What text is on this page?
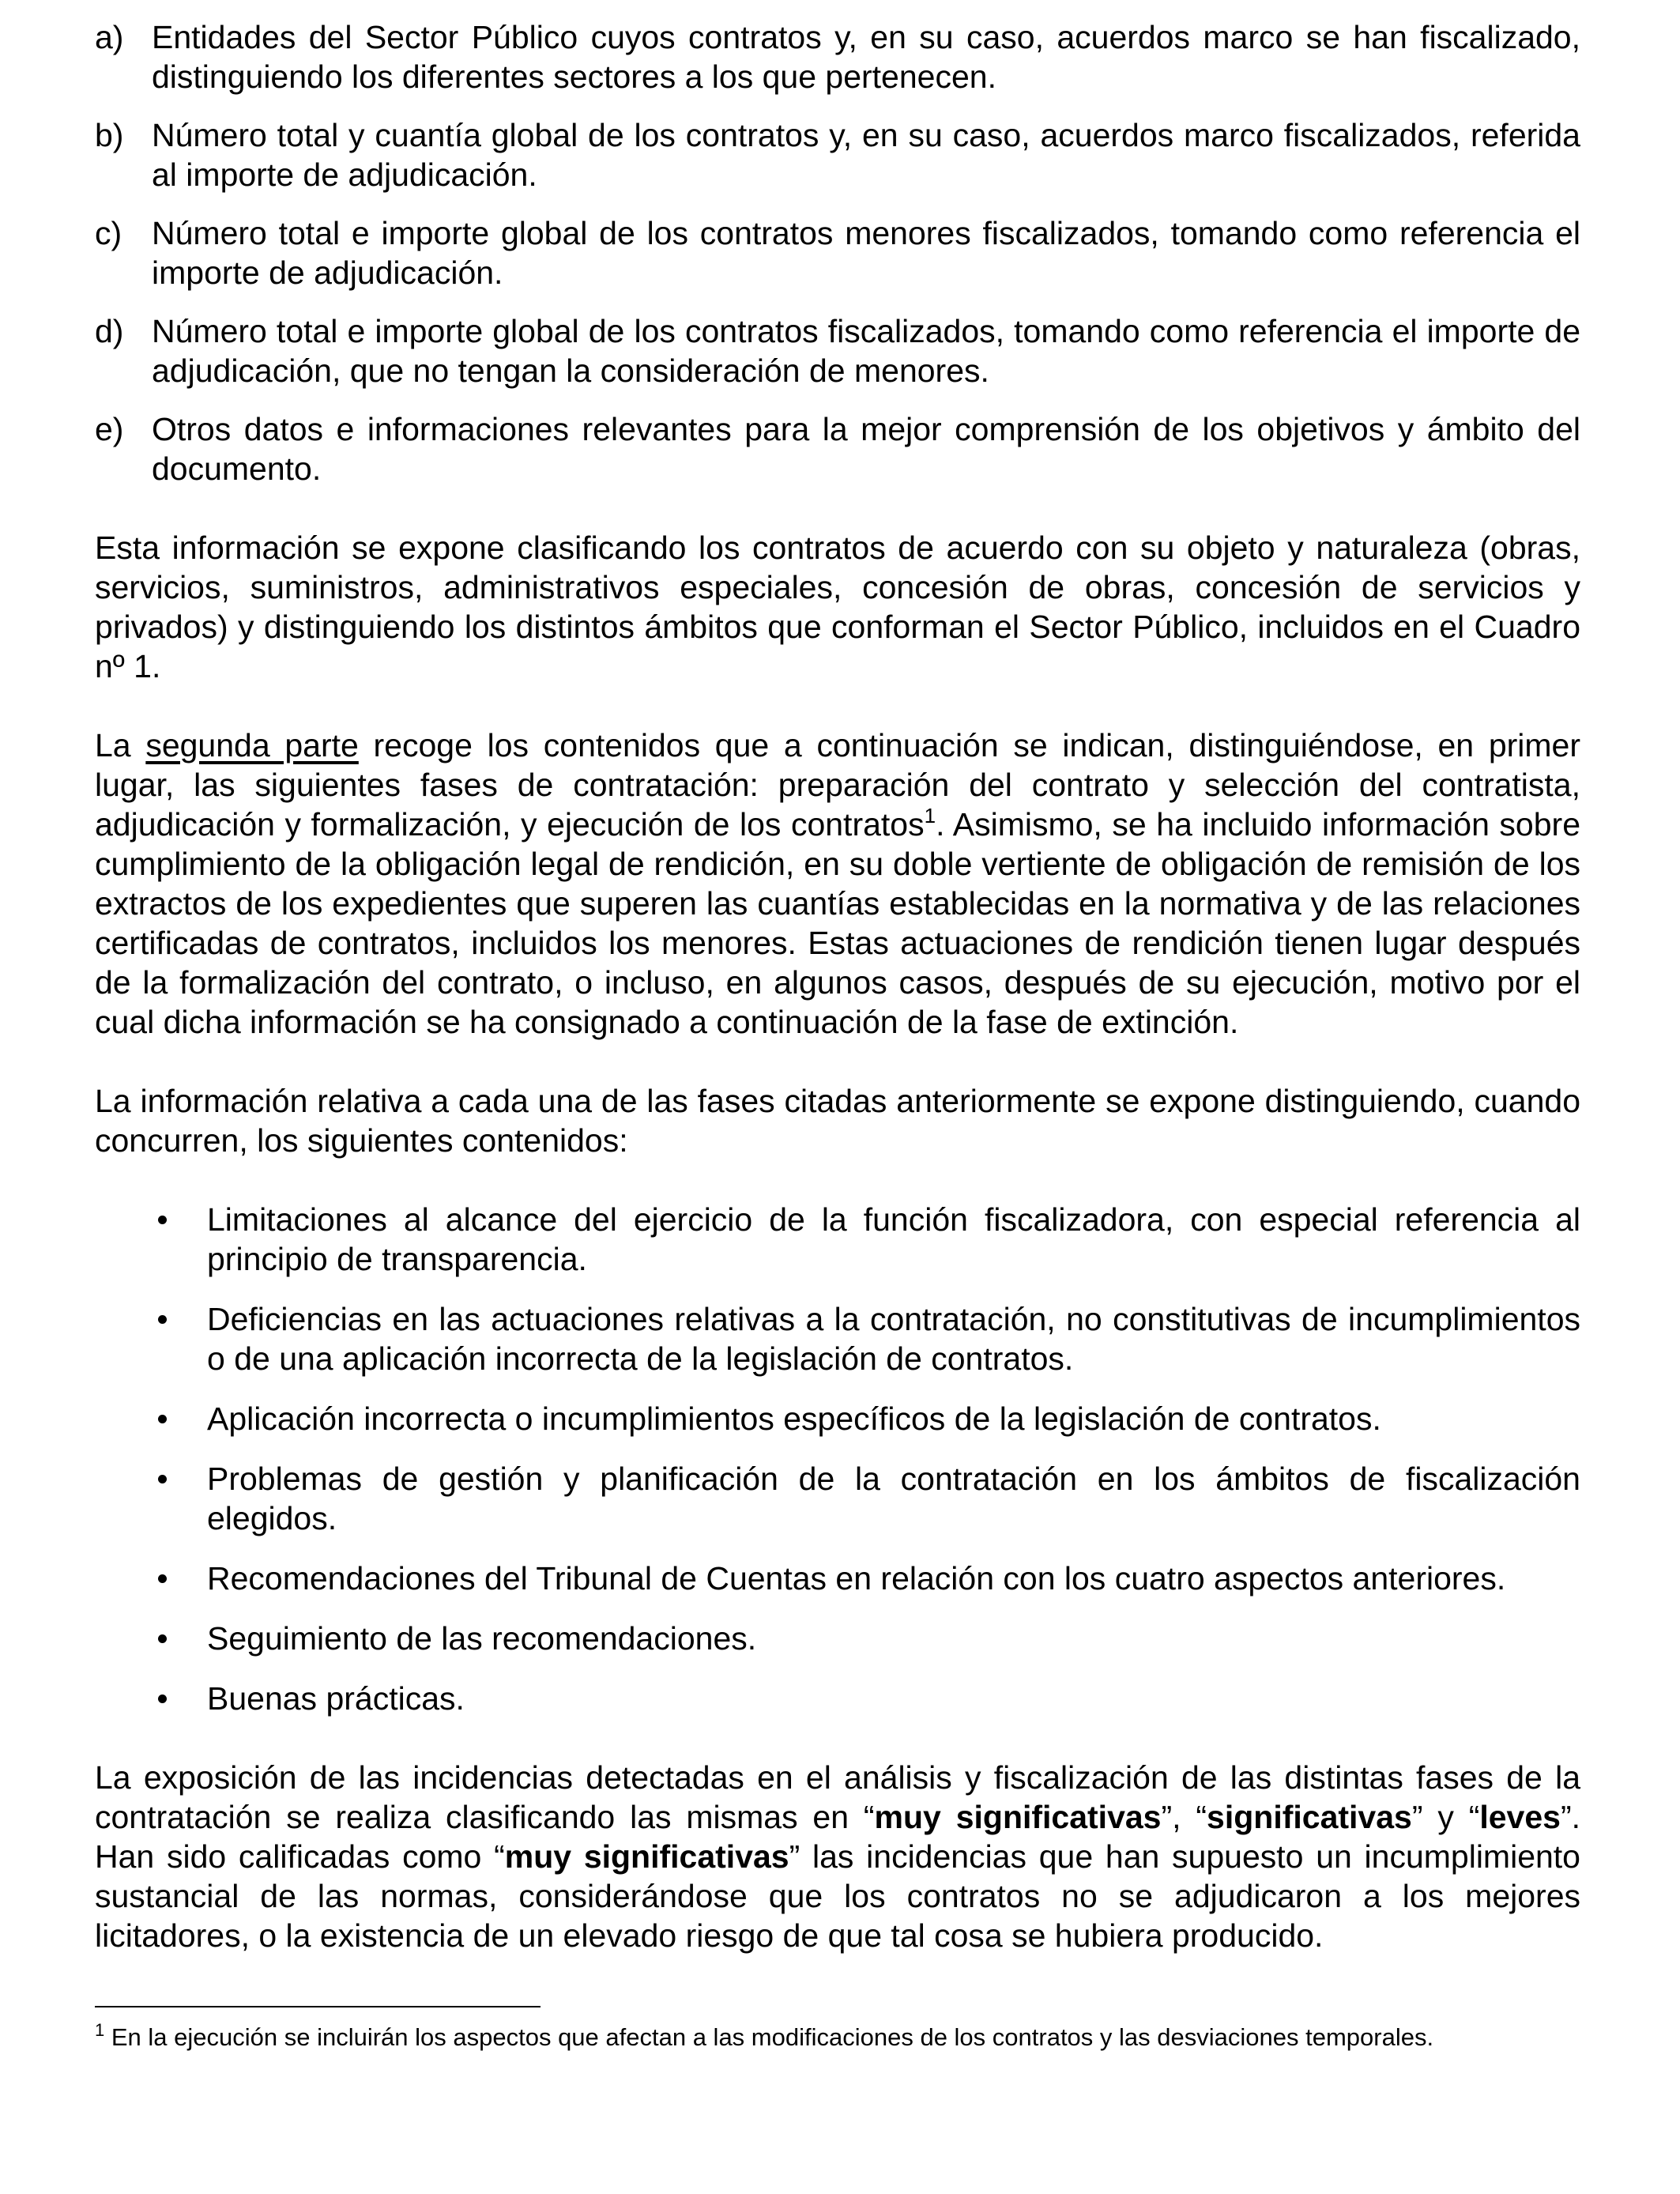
a) Entidades del Sector Público cuyos contratos y, en su caso, acuerdos marco se han fiscalizado, distinguiendo los diferentes sectores a los que pertenecen.
b) Número total y cuantía global de los contratos y, en su caso, acuerdos marco fiscalizados, referida al importe de adjudicación.
c) Número total e importe global de los contratos menores fiscalizados, tomando como referencia el importe de adjudicación.
d) Número total e importe global de los contratos fiscalizados, tomando como referencia el importe de adjudicación, que no tengan la consideración de menores.
e) Otros datos e informaciones relevantes para la mejor comprensión de los objetivos y ámbito del documento.

Esta información se expone clasificando los contratos de acuerdo con su objeto y naturaleza (obras, servicios, suministros, administrativos especiales, concesión de obras, concesión de servicios y privados) y distinguiendo los distintos ámbitos que conforman el Sector Público, incluidos en el Cuadro nº 1.

La segunda parte recoge los contenidos que a continuación se indican, distinguiéndose, en primer lugar, las siguientes fases de contratación: preparación del contrato y selección del contratista, adjudicación y formalización, y ejecución de los contratos$^1$. Asimismo, se ha incluido información sobre cumplimiento de la obligación legal de rendición, en su doble vertiente de obligación de remisión de los extractos de los expedientes que superen las cuantías establecidas en la normativa y de las relaciones certificadas de contratos, incluidos los menores. Estas actuaciones de rendición tienen lugar después de la formalización del contrato, o incluso, en algunos casos, después de su ejecución, motivo por el cual dicha información se ha consignado a continuación de la fase de extinción.

La información relativa a cada una de las fases citadas anteriormente se expone distinguiendo, cuando concurren, los siguientes contenidos:

Limitaciones al alcance del ejercicio de la función fiscalizadora, con especial referencia al principio de transparencia.
Deficiencias en las actuaciones relativas a la contratación, no constitutivas de incumplimientos o de una aplicación incorrecta de la legislación de contratos.
Aplicación incorrecta o incumplimientos específicos de la legislación de contratos.
Problemas de gestión y planificación de la contratación en los ámbitos de fiscalización elegidos.
Recomendaciones del Tribunal de Cuentas en relación con los cuatro aspectos anteriores.
Seguimiento de las recomendaciones.
Buenas prácticas.

La exposición de las incidencias detectadas en el análisis y fiscalización de las distintas fases de la contratación se realiza clasificando las mismas en “muy significativas”, “significativas” y “leves”. Han sido calificadas como “muy significativas” las incidencias que han supuesto un incumplimiento sustancial de las normas, considerándose que los contratos no se adjudicaron a los mejores licitadores, o la existencia de un elevado riesgo de que tal cosa se hubiera producido.

$^1$ En la ejecución se incluirán los aspectos que afectan a las modificaciones de los contratos y las desviaciones temporales.
